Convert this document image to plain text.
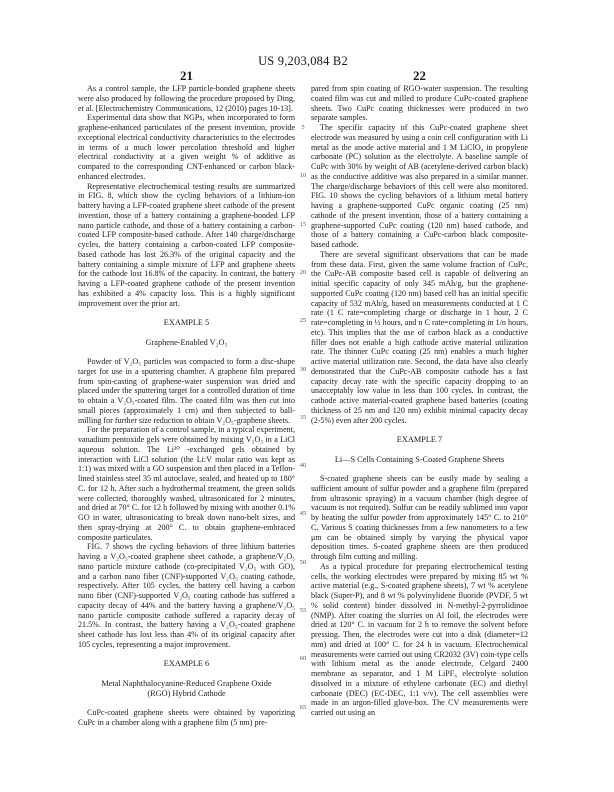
US 9,203,084 B2
21	22

As a control sample, the LFP particle-bonded graphene sheets were also produced by following the procedure proposed by Ding, et al. [Electrochemistry Communications, 12 (2010) pages 10-13].

Experimental data show that NGPs, when incorporated to form graphene-enhanced particulates of the present invention, provide exceptional electrical conductivity characteristics to the electrodes in terms of a much lower percolation threshold and higher electrical conductivity at a given weight % of additive as compared to the corresponding CNT-enhanced or carbon black-enhanced electrodes.

Representative electrochemical testing results are summarized in FIG. 8, which show the cycling behaviors of a lithium-ion battery having a LFP-coated graphene sheet cathode of the present invention, those of a battery containing a graphene-bonded LFP nano particle cathode, and those of a battery containing a carbon-coated LFP composite-based cathode. After 140 charge/discharge cycles, the battery containing a carbon-coated LFP composite-based cathode has lost 26.3% of the original capacity and the battery containing a simple mixture of LFP and graphene sheets for the cathode lost 16.8% of the capacity. In contrast, the battery having a LFP-coated graphene cathode of the present invention has exhibited a 4% capacity loss. This is a highly significant improvement over the prior art.

EXAMPLE 5
Graphene-Enabled V₂O₅

Powder of V₂O₅ particles was compacted to form a disc-shape target for use in a sputtering chamber. A graphene film prepared from spin-casting of graphene-water suspension was dried and placed under the sputtering target for a controlled duration of time to obtain a V₂O₅-coated film. The coated film was then cut into small pieces (approximately 1 cm) and then subjected to ball-milling for further size reduction to obtain V₂O₅-graphene sheets.

For the preparation of a control sample, in a typical experiment, vanadium pentoxide gels were obtained by mixing V₂O₅ in a LiCl aqueous solution. The Li³⁰ -exchanged gels obtained by interaction with LiCl solution (the Li:V molar ratio was kept as 1:1) was mixed with a GO suspension and then placed in a Teflon-lined stainless steel 35 ml autoclave, sealed, and heated up to 180° C. for 12 h. After such a hydrothermal treatment, the green solids were collected, thoroughly washed, ultrasonicated for 2 minutes, and dried at 70° C. for 12 h followed by mixing with another 0.1% GO in water, ultrasonicating to break down nano-belt sizes, and then spray-drying at 200° C. to obtain graphene-embraced composite particulates.

FIG. 7 shows the cycling behaviors of three lithium batteries having a V₂O₅-coated graphene sheet cathode, a graphene/V₂O₅ nano particle mixture cathode (co-precipitated V₂O₅ with GO), and a carbon nano fiber (CNF)-supported V₂O₅ coating cathode, respectively. After 105 cycles, the battery cell having a carbon nano fiber (CNF)-supported V₂O₅ coating cathode has suffered a capacity decay of 44% and the battery having a graphene/V₂O₅ nano particle composite cathode suffered a capacity decay of 21.5%. In contrast, the battery having a V₂O₅-coated graphene sheet cathode has lost less than 4% of its original capacity after 105 cycles, representing a major improvement.

EXAMPLE 6
Metal Naphthalocyanine-Reduced Graphene Oxide
(RGO) Hybrid Cathode

CuPc-coated graphene sheets were obtained by vaporizing CuPc in a chamber along with a graphene film (5 nm) pre-

pared from spin coating of RGO-water suspension. The resulting coated film was cut and milled to produce CuPc-coated graphene sheets. Two CuPc coating thicknesses were produced in two separate samples.

The specific capacity of this CuPc-coated graphene sheet electrode was measured by using a coin cell configuration with Li metal as the anode active material and 1 M LiClO₄ in propylene carbonate (PC) solution as the electrolyte. A baseline sample of CuPc with 30% by weight of AB (acetylene-derived carbon black) as the conductive additive was also prepared in a similar manner. The charge/discharge behaviors of this cell were also monitored. FIG. 10 shows the cycling behaviors of a lithium metal battery having a graphene-supported CuPc organic coating (25 nm) cathode of the present invention, those of a battery containing a graphene-supported CuPc coating (120 nm) based cathode, and those of a battery containing a CuPc-carbon black composite-based cathode.

There are several significant observations that can be made from these data. First, given the same volume fraction of CuPc, the CuPc-AB composite based cell is capable of delivering an initial specific capacity of only 345 mAh/g, but the graphene-supported CuPc coating (120 nm) based cell has an initial specific capacity of 532 mAh/g, based on measurements conducted at 1 C rate (1 C rate=completing charge or discharge in 1 hour, 2 C rate=completing in ½ hours, and n C rate=completing in 1/n hours, etc). This implies that the use of carbon black as a conductive filler does not enable a high cathode active material utilization rate. The thinner CuPc coating (25 nm) enables a much higher active material utilization rate. Second, the data have also clearly demonstrated that the CuPc-AB composite cathode has a fast capacity decay rate with the specific capacity dropping to an unacceptably low value in less than 100 cycles. In contrast, the cathode active material-coated graphene based batteries (coating thickness of 25 nm and 120 nm) exhibit minimal capacity decay (2-5%) even after 200 cycles.

EXAMPLE 7
Li—S Cells Containing S-Coated Graphene Sheets

S-coated graphene sheets can be easily made by sealing a sufficient amount of sulfur powder and a graphene film (prepared from ultrasonic spraying) in a vacuum chamber (high degree of vacuum is not required). Sulfur can be readily sublimed into vapor by heating the sulfur powder from approximately 145° C. to 210° C. Various S coating thicknesses from a few nanometers to a few μm can be obtained simply by varying the physical vapor deposition times. S-coated graphene sheets are then produced through film cutting and milling.

As a typical procedure for preparing electrochemical testing cells, the working electrodes were prepared by mixing 85 wt % active material (e.g., S-coated graphene sheets), 7 wt % acetylene black (Super-P), and 8 wt % polyvinylidene fluoride (PVDF, 5 wt % solid content) binder dissolved in N-methyl-2-pyrrolidinoe (NMP). After coating the slurries on Al foil, the electrodes were dried at 120° C. in vacuum for 2 h to remove the solvent before pressing. Then, the electrodes were cut into a disk (diameter=12 mm) and dried at 100° C. for 24 h in vacuum. Electrochemical measurements were carried out using CR2032 (3V) coin-type cells with lithium metal as the anode electrode, Celgard 2400 membrane as separator, and 1 M LiPF₆ electrolyte solution dissolved in a mixture of ethylene carbonate (EC) and diethyl carbonate (DEC) (EC-DEC, 1:1 v/v). The cell assemblies were made in an argon-filled glove-box. The CV measurements were carried out using an

5
10
15
20
25
30
35
40
45
50
55
60
65
